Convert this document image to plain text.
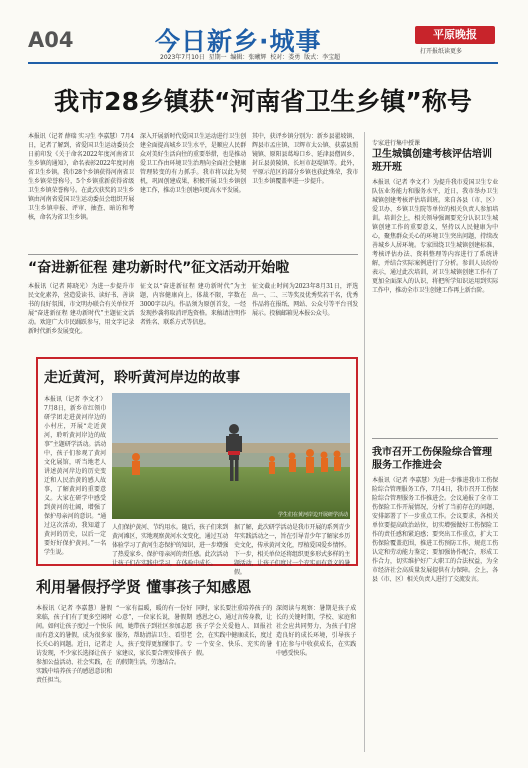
A04	今日新乡·城事	平原晚报
打开报纸读更多
2023年7月10日 星期一 编辑：张曦辉 校对：娄勇 版式：李宝超
我市28乡镇获“河南省卫生乡镇”称号
本报讯（记者 薛瑞 实习生 李嘉慧）7月4日，记者了解到，省爱国卫生运动委员会日前印发《关于命名2022年度河南省卫生乡镇的通知》，命名表彰2022年度河南省卫生乡镇。我市28个乡镇获得河南省卫生乡镇荣誉称号，5个乡镇重新获得省级卫生乡镇荣誉称号。在此次获奖的卫生乡镇由河南省爱国卫生运动委员会组织开展卫生乡镇申报、评审、抽查、暗访和考核，命名为省卫生乡镇。
深入开展新时代爱国卫生运动进行卫生创建全面提高城乡卫生水平，是顺应人民群众对美好生活向往的重要举措，也是推动爱卫工作由环境卫生治理向全面社会健康管理转变的有力抓手。我市将以此为契机，巩固创建成果，积极开展卫生乡镇创建工作，推动卫生创建向更高水平发展。
其中，获评乡镇分别为：新乡县翟坡镇、辉县市孟庄镇、卫辉市太公镇、获嘉县照镜镇、原阳县葛埠口乡、延津县僧固乡、封丘县黄陵镇、长垣市赵堤镇等。此外，平原示范区的部分乡镇也获此殊荣，我市卫生乡镇覆盖率进一步提升。
专家进行集中授课
卫生城镇创建考核评估培训班开班
本报讯（记者 李文才）为提升我市爱国卫生专业队伍业务能力和服务水平，近日，我市举办卫生城镇创建考核评估培训班。来自各县（市、区）爱卫办、乡镇卫生院等单位的相关负责人参加培训。培训会上，相关领导强调要充分认识卫生城镇创建工作的重要意义，坚持以人民健康为中心，聚焦群众关心的环境卫生突出问题，持续改善城乡人居环境。专家围绕卫生城镇创建标准、考核评估办法、资料整理等内容进行了系统讲解，并结合实际案例进行了分析。参训人员纷纷表示，通过此次培训，对卫生城镇创建工作有了更加全面深入的认识，将把所学知识运用到实际工作中，推动全市卫生创建工作再上新台阶。
“奋进新征程 建功新时代”征文活动开始啦
本报讯（记者 陈晓光）为进一步提升市民文化素养，营造爱读书、读好书、善读书的良好氛围，市文明办联合有关单位开展“奋进新征程 建功新时代”主题征文活动。欢迎广大市民踊跃参与，用文字记录新时代新乡发展变化。
征文以“奋进新征程 建功新时代”为主题，内容健康向上，体裁不限，字数在3000字以内。作品须为原创首发，一经发现抄袭将取消评选资格。来稿请注明作者姓名、联系方式等信息。
征文截止时间为2023年8月31日，评选出一、二、三等奖及优秀奖若干名，优秀作品将在报纸、网站、公众号等平台刊发展示。投稿邮箱见本报公众号。
走近黄河，聆听黄河岸边的故事
本报讯（记者 李文才）7月8日，新乡市红领巾研学团走进黄河岸边的小村庄，开展“走近黄河，聆听黄河岸边的故事”主题研学活动。活动中，孩子们参观了黄河文化展馆，听当地老人讲述黄河岸边的历史变迁和人民治黄的感人故事，了解黄河的重要意义。大家在研学中感受到黄河的壮阔，增强了保护母亲河的意识。“通过这次活动，我知道了黄河的历史，以后一定要好好保护黄河。”一名学生说。
学生们在黄河岸边开展研学活动
人们保护黄河、节约用水。随后，孩子们来到黄河滩区，实地观察黄河水文变化，通过互动体验学习了黄河生态保护的知识，进一步增强了热爱家乡、保护母亲河的责任感。此次活动让孩子们在实践中学习，在体验中成长。
据了解，此次研学活动是我市开展的系列青少年实践活动之一，旨在引导青少年了解家乡历史文化，传承黄河文化，厚植爱国爱乡情怀。下一步，相关单位还将组织更多形式多样的主题活动，让孩子们度过一个充实而有意义的暑假。
利用暑假抒学贤 懂事孩子知感恩
本报讯（记者 李嘉慧）暑假来临，孩子们有了更多空闲时间。如何让孩子度过一个快乐而有意义的暑假，成为很多家长关心的问题。近日，记者走访发现，不少家长选择让孩子参加公益活动、社会实践，在实践中培养孩子的感恩意识和责任担当。
“一家有温暖，暖的有一份好心意”，一位家长说，暑假期间，她带孩子到社区参加志愿服务，帮助清洁卫生、看望老人，孩子变得更加懂事了。专家建议，家长要合理安排孩子的假期生活，劳逸结合。
同时，家长要注重培养孩子的感恩之心，通过言传身教，让孩子学会关爱他人、回报社会，在实践中健康成长，度过一个安全、快乐、充实的暑假。
深阅读与观察：暑期是孩子成长的关键时期，学校、家庭和社会应共同努力，为孩子们营造良好的成长环境，引导孩子们在参与中收获成长，在实践中感受快乐。
我市召开工伤保险综合管理服务工作推进会
本报讯（记者 李嘉慧）为进一步推进我市工伤保险综合管理服务工作，7月4日，我市召开工伤保险综合管理服务工作推进会。会议通报了全市工伤保险工作开展情况，分析了当前存在的问题，安排部署了下一步重点工作。会议要求，各相关单位要提高政治站位，切实增强做好工伤保险工作的责任感和紧迫感；要突出工作重点，扩大工伤保险覆盖范围，推进工伤预防工作，规范工伤认定和劳动能力鉴定；要加强协作配合，形成工作合力，切实维护好广大职工的合法权益，为全市经济社会高质量发展提供有力保障。会上，各县（市、区）相关负责人进行了交流发言。
